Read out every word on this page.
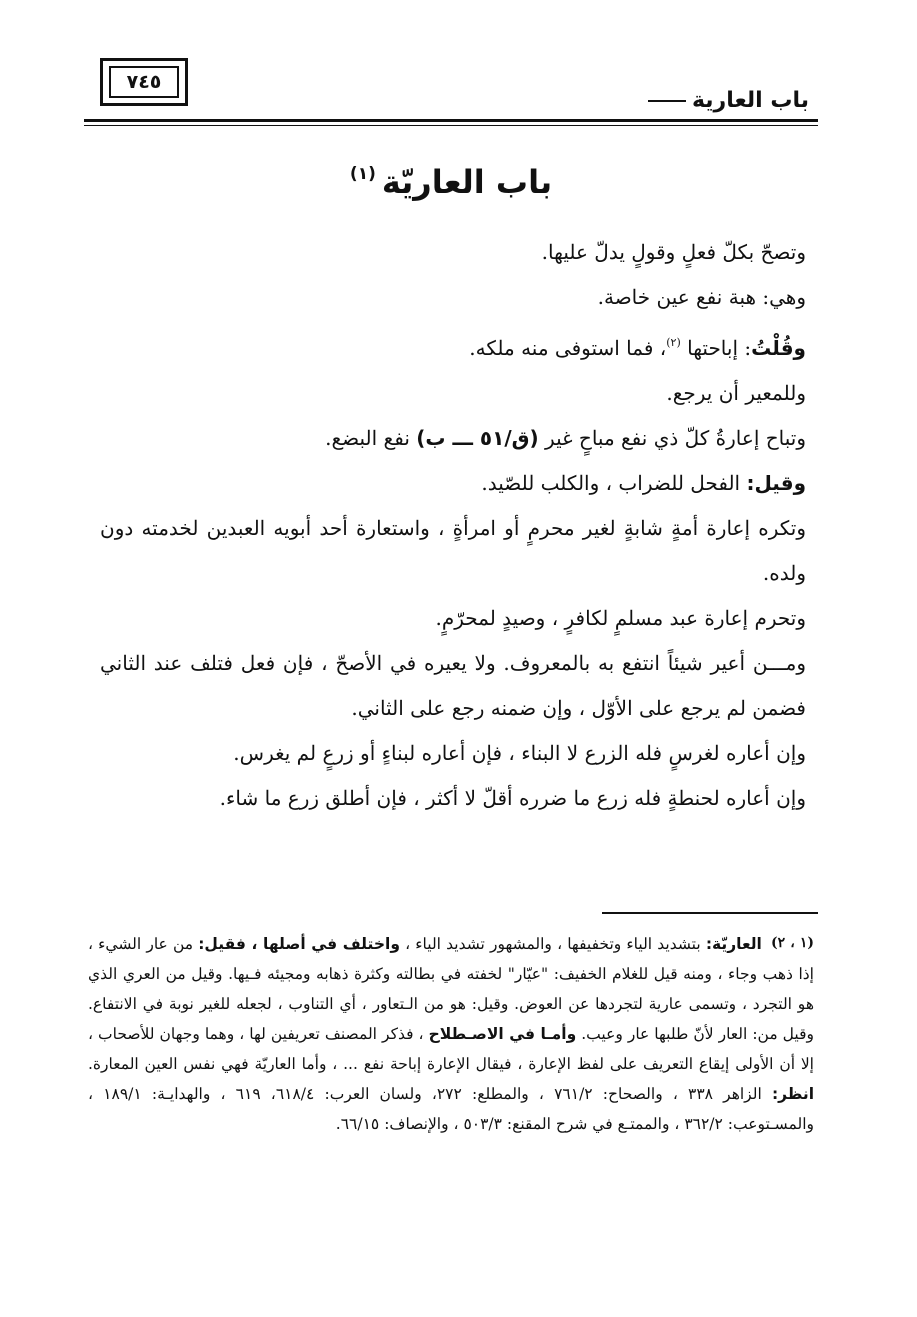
٧٤٥
باب العارية
باب العاريّة$^{(١)}$

وتصحّ بكلّ فعلٍ وقولٍ يدلّ عليها.

وهي: هبة نفع عين خاصة.

وقُلْتُ: إباحتها $^{(٢)}$، فما استوفى منه ملكه.

وللمعير أن يرجع.

وتباح إعارةُ كلّ ذي نفع مباحٍ غير (ق/٥١ ـــ ب) نفع البضع.

وقيل: الفحل للضراب ، والكلب للصّيد.

وتكره إعارة أمةٍ شابةٍ لغير محرمٍ أو امرأةٍ ، واستعارة أحد أبويه العبدين لخدمته دون ولده.

وتحرم إعارة عبد مسلمٍ لكافرٍ ، وصيدٍ لمحرّمٍ.

ومـــن أعير شيئاً انتفع به بالمعروف. ولا يعيره في الأصحّ ، فإن فعل فتلف عند الثاني فضمن لم يرجع على الأوّل ، وإن ضمنه رجع على الثاني.

وإن أعاره لغرسٍ فله الزرع لا البناء ، فإن أعاره لبناءٍ أو زرعٍ لم يغرس.

وإن أعاره لحنطةٍ فله زرع ما ضرره أقلّ لا أكثر ، فإن أطلق زرع ما شاء.

(١ ، ٢) العاريّة: بتشديد الياء وتخفيفها ، والمشهور تشديد الياء ، واختلف في أصلها ، فقيل: من عار الشيء ، إذا ذهب وجاء ، ومنه قيل للغلام الخفيف: "عيّار" لخفته في بطالته وكثرة ذهابه ومجيئه فـيها. وقيل من العري الذي هو التجرد ، وتسمى عارية لتجردها عن العوض. وقيل: هو من الـتعاور ، أي التناوب ، لجعله للغير نوبة في الانتفاع. وقيل من: العار لأنّ طلبها عار وعيب. وأمـا في الاصـطلاح ، فذكر المصنف تعريفين لها ، وهما وجهان للأصحاب ، إلا أن الأولى إيقاع التعريف على لفظ الإعارة ، فيقال الإعارة إباحة نفع ... ، وأما العاريّة فهي نفس العين المعارة. انظر: الزاهر ٣٣٨ ، والصحاح: ٧٦١/٢ ، والمطلع: ٢٧٢، ولسان العرب: ٦١٨/٤، ٦١٩ ، والهدايـة: ١٨٩/١ ، والمسـتوعب: ٣٦٢/٢ ، والممتـع في شرح المقنع: ٥٠٣/٣ ، والإنصاف: ٦٦/١٥.
